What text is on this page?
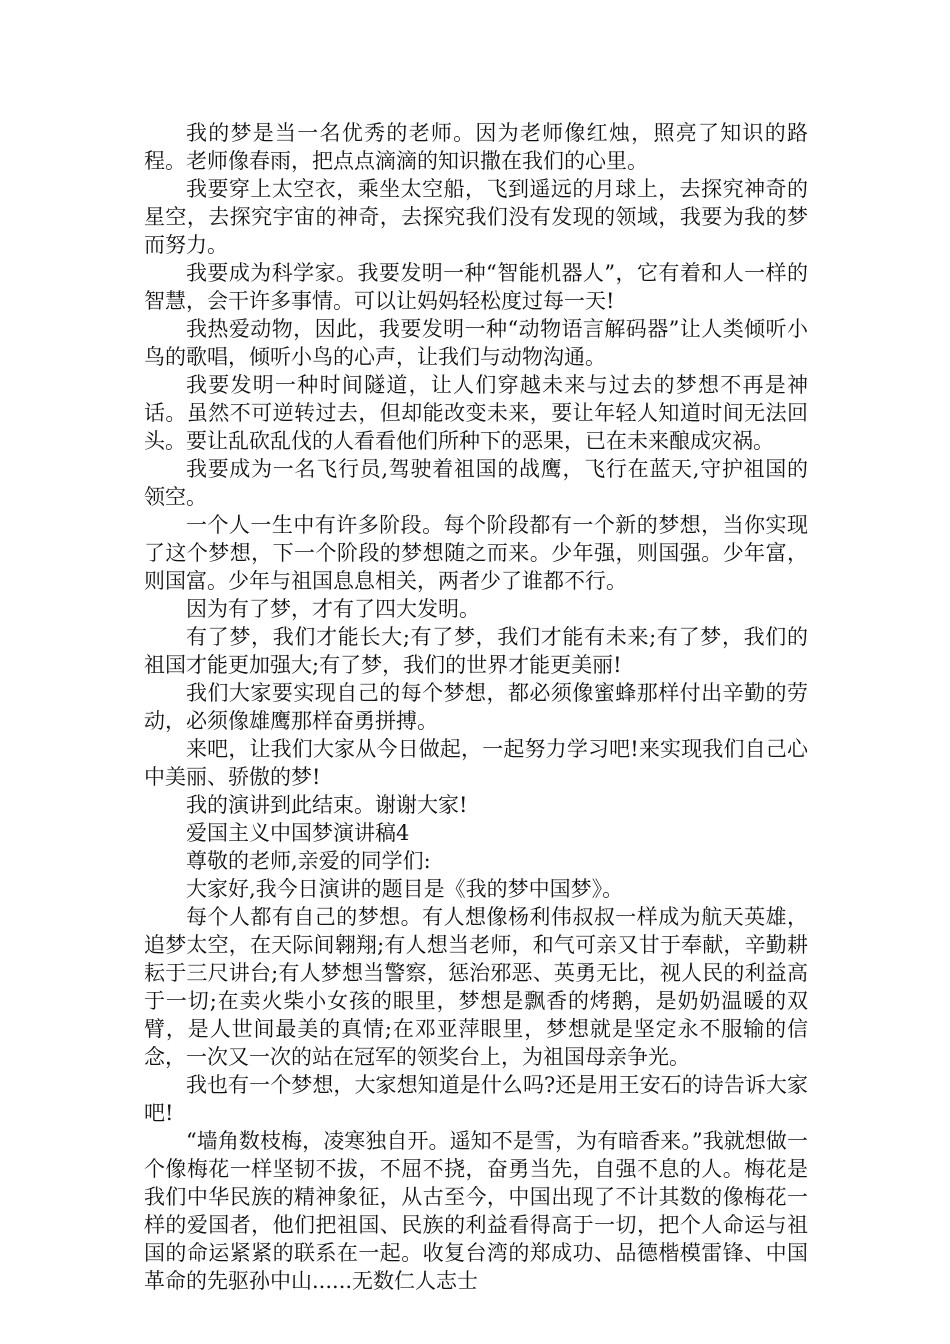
我的梦是当一名优秀的老师。因为老师像红烛，照亮了知识的路程。老师像春雨，把点点滴滴的知识撒在我们的心里。

我要穿上太空衣，乘坐太空船，飞到遥远的月球上，去探究神奇的星空，去探究宇宙的神奇，去探究我们没有发现的领域，我要为我的梦而努力。

我要成为科学家。我要发明一种“智能机器人”，它有着和人一样的智慧，会干许多事情。可以让妈妈轻松度过每一天!

我热爱动物，因此，我要发明一种“动物语言解码器”让人类倾听小鸟的歌唱，倾听小鸟的心声，让我们与动物沟通。

我要发明一种时间隧道，让人们穿越未来与过去的梦想不再是神话。虽然不可逆转过去，但却能改变未来，要让年轻人知道时间无法回头。要让乱砍乱伐的人看看他们所种下的恶果，已在未来酿成灾祸。

我要成为一名飞行员,驾驶着祖国的战鹰，飞行在蓝天,守护祖国的领空。

一个人一生中有许多阶段。每个阶段都有一个新的梦想，当你实现了这个梦想，下一个阶段的梦想随之而来。少年强，则国强。少年富，则国富。少年与祖国息息相关，两者少了谁都不行。

因为有了梦，才有了四大发明。

有了梦，我们才能长大;有了梦，我们才能有未来;有了梦，我们的祖国才能更加强大;有了梦，我们的世界才能更美丽!

我们大家要实现自己的每个梦想，都必须像蜜蜂那样付出辛勤的劳动，必须像雄鹰那样奋勇拼搏。

来吧，让我们大家从今日做起，一起努力学习吧!来实现我们自己心中美丽、骄傲的梦!

我的演讲到此结束。谢谢大家!

爱国主义中国梦演讲稿4

尊敬的老师,亲爱的同学们:

大家好,我今日演讲的题目是《我的梦中国梦》。

每个人都有自己的梦想。有人想像杨利伟叔叔一样成为航天英雄，追梦太空，在天际间翱翔;有人想当老师，和气可亲又甘于奉献，辛勤耕耘于三尺讲台;有人梦想当警察，惩治邪恶、英勇无比，视人民的利益高于一切;在卖火柴小女孩的眼里，梦想是飘香的烤鹅，是奶奶温暖的双臂，是人世间最美的真情;在邓亚萍眼里，梦想就是坚定永不服输的信念，一次又一次的站在冠军的领奖台上，为祖国母亲争光。

我也有一个梦想，大家想知道是什么吗?还是用王安石的诗告诉大家吧!

“墙角数枝梅，凌寒独自开。遥知不是雪，为有暗香来。”我就想做一个像梅花一样坚韧不拔，不屈不挠，奋勇当先，自强不息的人。梅花是我们中华民族的精神象征，从古至今，中国出现了不计其数的像梅花一样的爱国者，他们把祖国、民族的利益看得高于一切，把个人命运与祖国的命运紧紧的联系在一起。收复台湾的郑成功、品德楷模雷锋、中国革命的先驱孙中山......无数仁人志士
